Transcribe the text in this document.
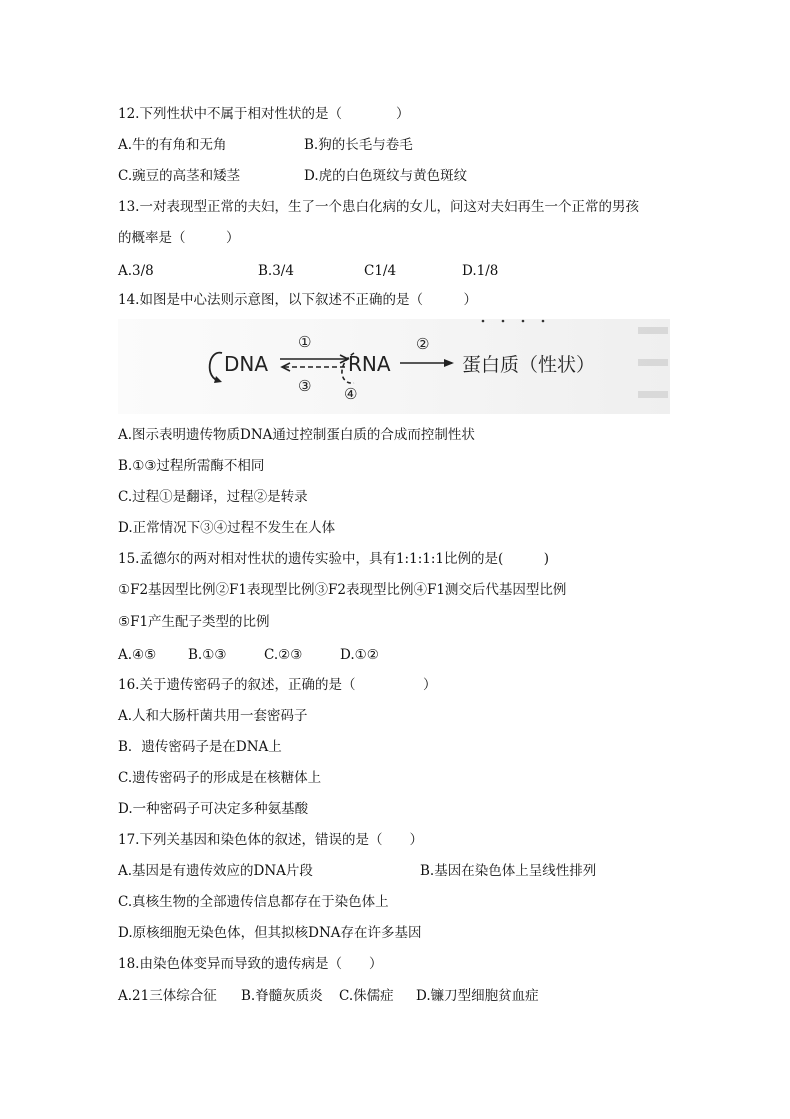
12.下列性状中不属于相对性状的是（　　　　）
A.牛的有角和无角	B.狗的长毛与卷毛
C.豌豆的高茎和矮茎	D.虎的白色斑纹与黄色斑纹
13.一对表现型正常的夫妇，生了一个患白化病的女儿，问这对夫妇再生一个正常的男孩
的概率是（　　　）
A.3/8	B.3/4	C1/4	D.1/8
14.如图是中心法则示意图，以下叙述不正确的是（　　　）
DNA
①
③
RNA
④
②
蛋白质（性状）
A.图示表明遗传物质DNA通过控制蛋白质的合成而控制性状
B.①③过程所需酶不相同
C.过程①是翻译，过程②是转录
D.正常情况下③④过程不发生在人体
15.孟德尔的两对相对性状的遗传实验中，具有1:1:1:1比例的是(　　　)
①F2基因型比例②F1表现型比例③F2表现型比例④F1测交后代基因型比例
⑤F1产生配子类型的比例
A.④⑤ B.①③	C.②③	D.①②
16.关于遗传密码子的叙述，正确的是（　　　　　）
A.人和大肠杆菌共用一套密码子
B．遗传密码子是在DNA上
C.遗传密码子的形成是在核糖体上
D.一种密码子可决定多种氨基酸
17.下列关基因和染色体的叙述，错误的是（　　）
A.基因是有遗传效应的DNA片段	B.基因在染色体上呈线性排列
C.真核生物的全部遗传信息都存在于染色体上
D.原核细胞无染色体，但其拟核DNA存在许多基因
18.由染色体变异而导致的遗传病是（　　）
A.21三体综合征 B.脊髓灰质炎 C.侏儒症 D.镰刀型细胞贫血症
